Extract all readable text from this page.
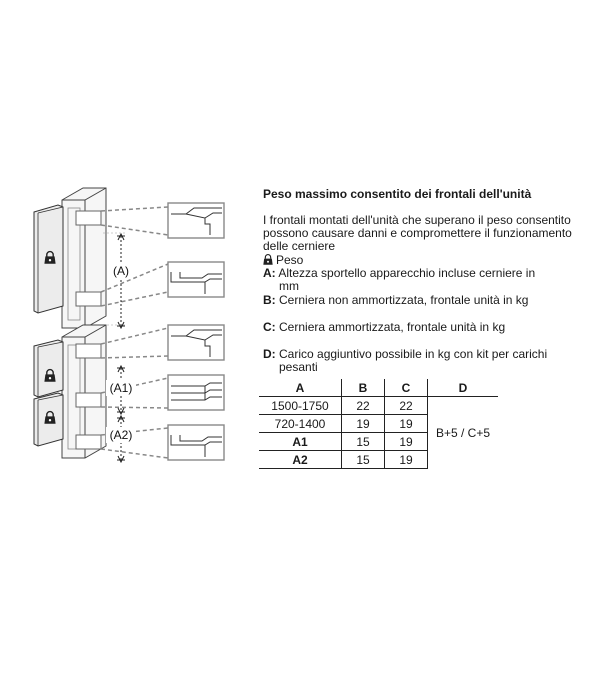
(A)
(A1)
(A2)
Peso massimo consentito dei frontali dell'unità
I frontali montati dell'unità che superano il peso consentito possono causare danni e compromettere il funzionamento delle cerniere
Peso
A: Altezza sportello apparecchio incluse cerniere in
mm
B: Cerniera non ammortizzata, frontale unità in kg
C: Cerniera ammortizzata, frontale unità in kg
D: Carico aggiuntivo possibile in kg con kit per carichi
pesanti
A	B	C	D
1500-1750	22	22	B+5 / C+5
720-1400	19	19	
A1	15	19	
A2	15	19	
